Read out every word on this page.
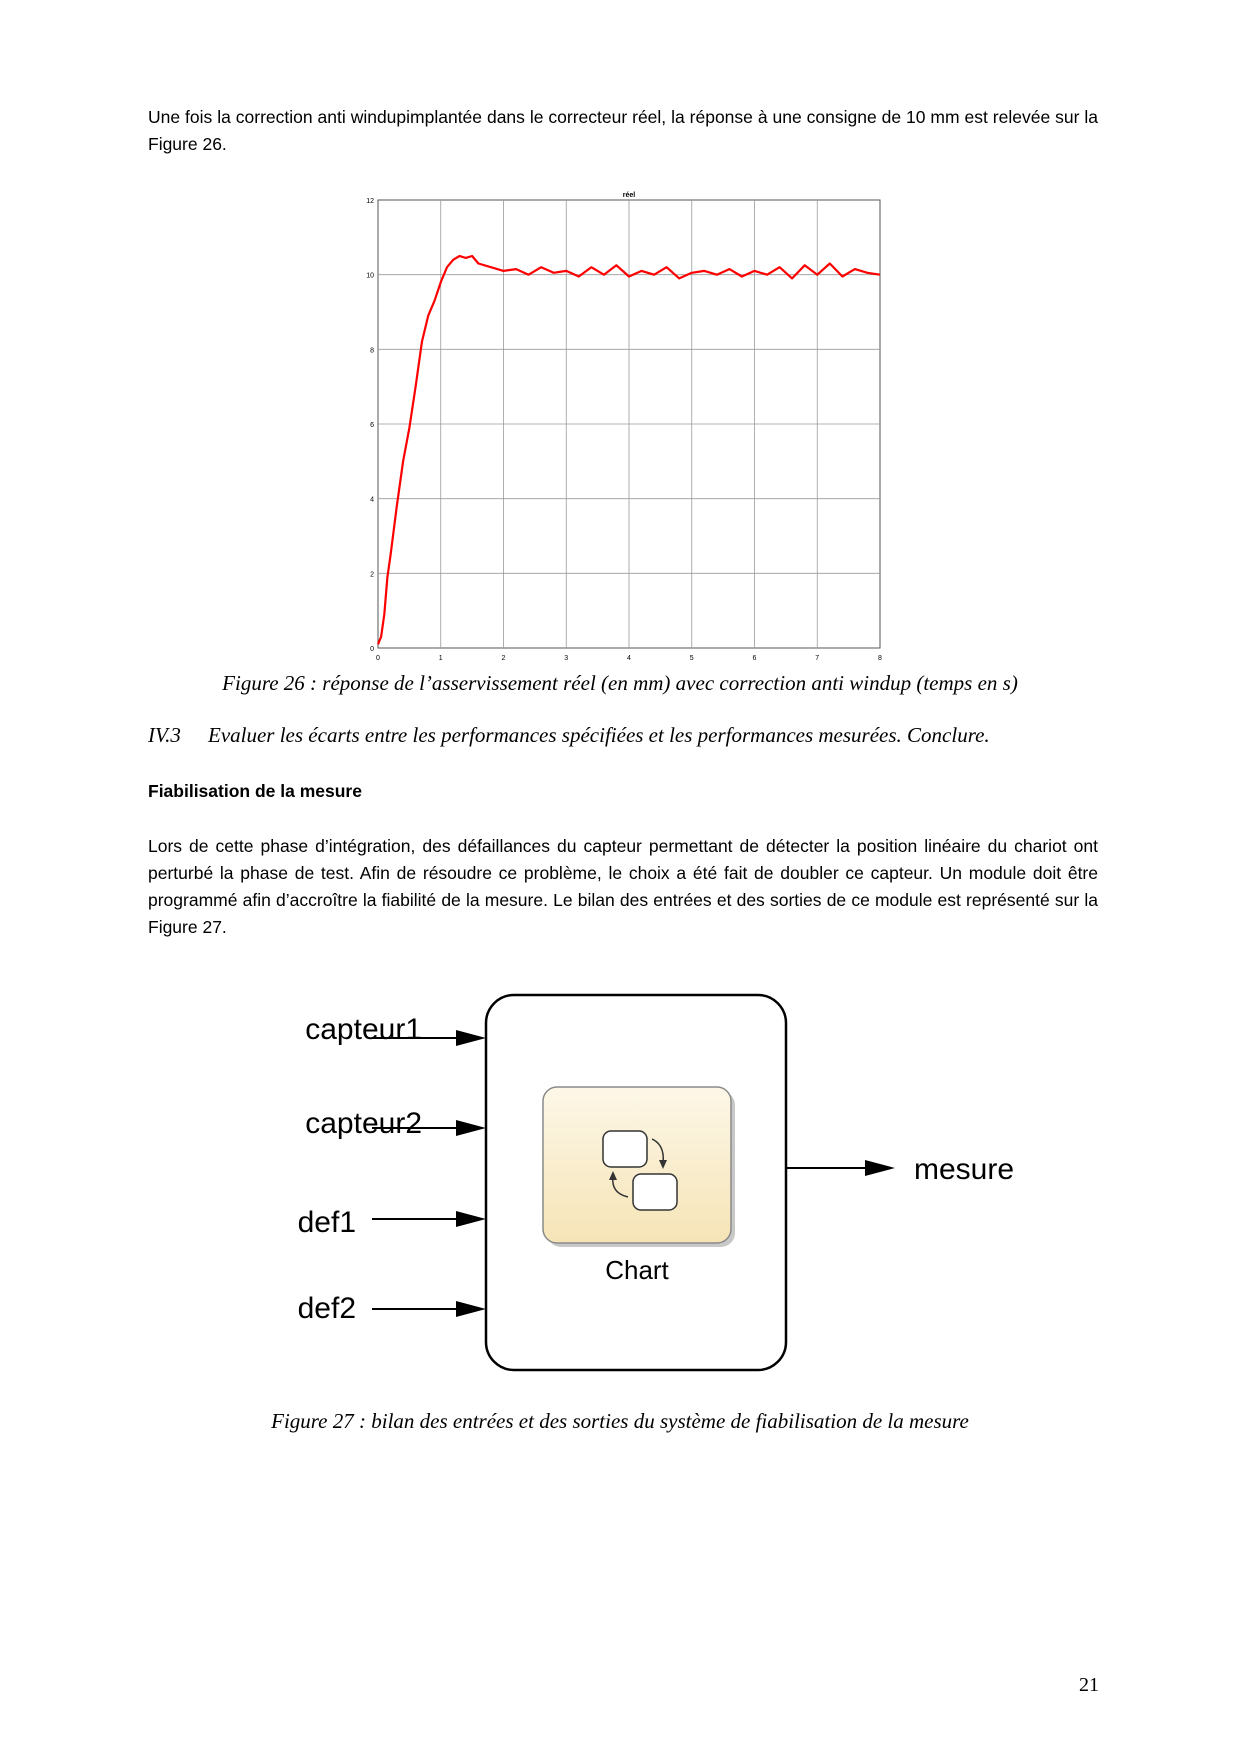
Une fois la correction anti windupimplantée dans le correcteur réel, la réponse à une consigne de 10 mm est relevée sur la Figure 26.

0	1	2	3	4	5	6	7	8
0
2
4
6
8
10
12
réel

Figure 26 : réponse de l’asservissement réel (en mm) avec correction anti windup (temps en s)

IV.3 Evaluer les écarts entre les performances spécifiées et les performances mesurées. Conclure.

Fiabilisation de la mesure

Lors de cette phase d’intégration, des défaillances du capteur permettant de détecter la position linéaire du chariot ont perturbé la phase de test. Afin de résoudre ce problème, le choix a été fait de doubler ce capteur. Un module doit être programmé afin d’accroître la fiabilité de la mesure. Le bilan des entrées et des sorties de ce module est représenté sur la Figure 27.

capteur1
capteur2
def1
def2
mesure
Chart

Figure 27 : bilan des entrées et des sorties du système de fiabilisation de la mesure

21
